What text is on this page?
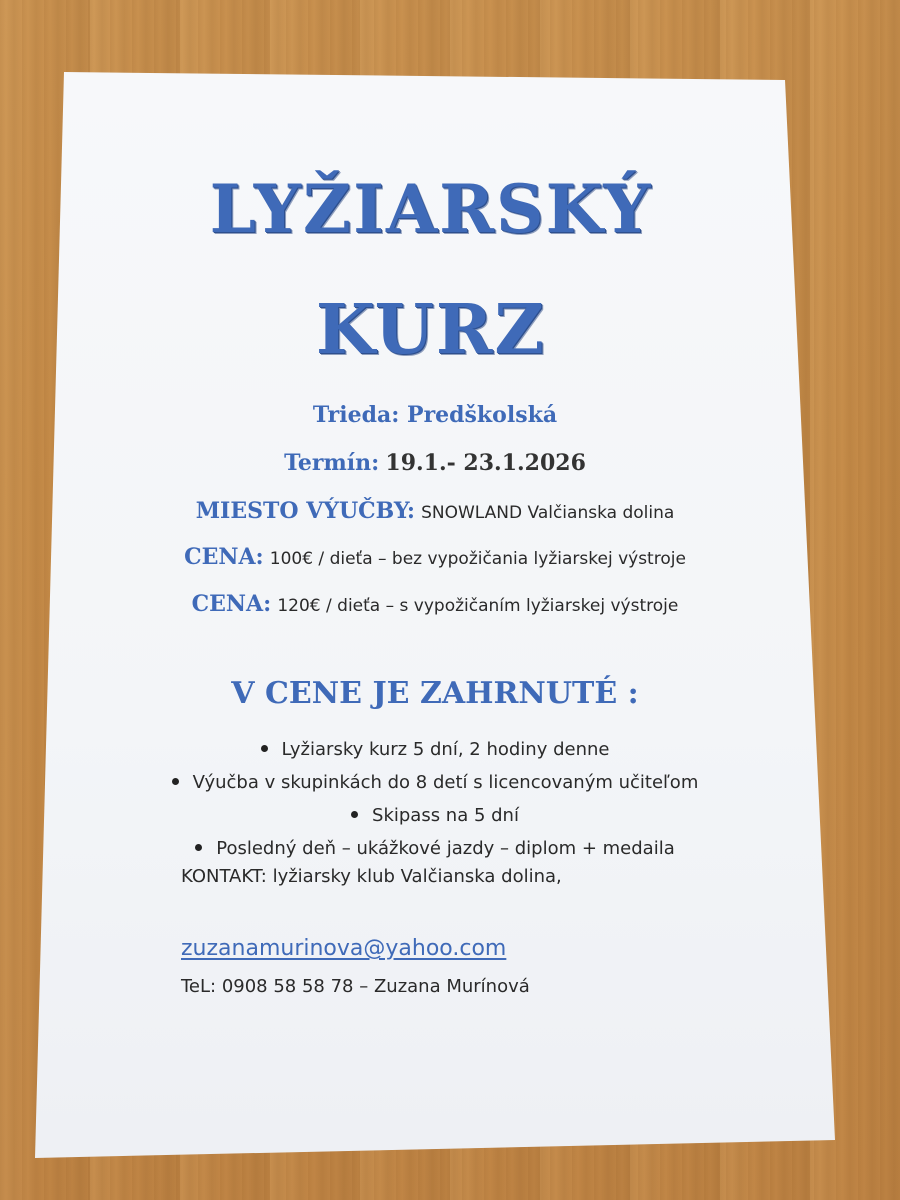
LYŽIARSKÝ
KURZ
Trieda: Predškolská
Termín: 19.1.- 23.1.2026
MIESTO VÝUČBY: SNOWLAND Valčianska dolina
CENA: 100€ / dieťa – bez vypožičania lyžiarskej výstroje
CENA: 120€ / dieťa – s vypožičaním lyžiarskej výstroje
V CENE JE ZAHRNUTÉ :
Lyžiarsky kurz 5 dní, 2 hodiny denne
Výučba v skupinkách do 8 detí s licencovaným učiteľom
Skipass na 5 dní
Posledný deň – ukážkové jazdy – diplom + medaila
KONTAKT: lyžiarsky klub Valčianska dolina,
zuzanamurinova@yahoo.com
TeL: 0908 58 58 78 – Zuzana Murínová
